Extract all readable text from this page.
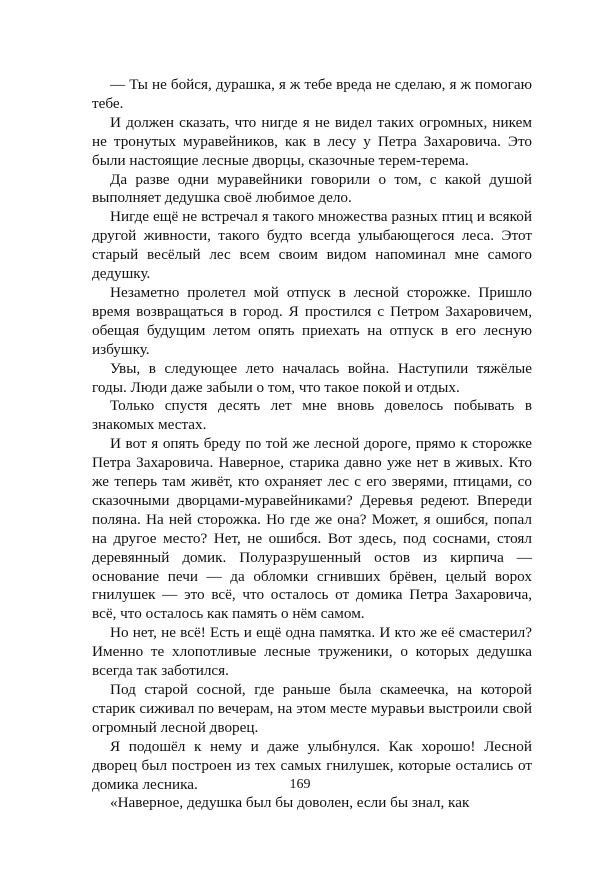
— Ты не бойся, дурашка, я ж тебе вреда не сделаю, я ж помогаю тебе.

И должен сказать, что нигде я не видел таких огромных, никем не тронутых муравейников, как в лесу у Петра Захаровича. Это были настоящие лесные дворцы, сказочные терем-терема.

Да разве одни муравейники говорили о том, с какой душой выполняет дедушка своё любимое дело.

Нигде ещё не встречал я такого множества разных птиц и всякой другой живности, такого будто всегда улыбающегося леса. Этот старый весёлый лес всем своим видом напоминал мне самого дедушку.

Незаметно пролетел мой отпуск в лесной сторожке. Пришло время возвращаться в город. Я простился с Петром Захаровичем, обещая будущим летом опять приехать на отпуск в его лесную избушку.

Увы, в следующее лето началась война. Наступили тяжёлые годы. Люди даже забыли о том, что такое покой и отдых.

Только спустя десять лет мне вновь довелось побывать в знакомых местах.

И вот я опять бреду по той же лесной дороге, прямо к сторожке Петра Захаровича. Наверное, старика давно уже нет в живых. Кто же теперь там живёт, кто охраняет лес с его зверями, птицами, со сказочными дворцами-муравейниками? Деревья редеют. Впереди поляна. На ней сторожка. Но где же она? Может, я ошибся, попал на другое место? Нет, не ошибся. Вот здесь, под соснами, стоял деревянный домик. Полуразрушенный остов из кирпича — основание печи — да обломки сгнивших брёвен, целый ворох гнилушек — это всё, что осталось от домика Петра Захаровича, всё, что осталось как память о нём самом.

Но нет, не всё! Есть и ещё одна памятка. И кто же её смастерил? Именно те хлопотливые лесные труженики, о которых дедушка всегда так заботился.

Под старой сосной, где раньше была скамеечка, на которой старик сиживал по вечерам, на этом месте муравьи выстроили свой огромный лесной дворец.

Я подошёл к нему и даже улыбнулся. Как хорошо! Лесной дворец был построен из тех самых гнилушек, которые остались от домика лесника.

«Наверное, дедушка был бы доволен, если бы знал, как

169
